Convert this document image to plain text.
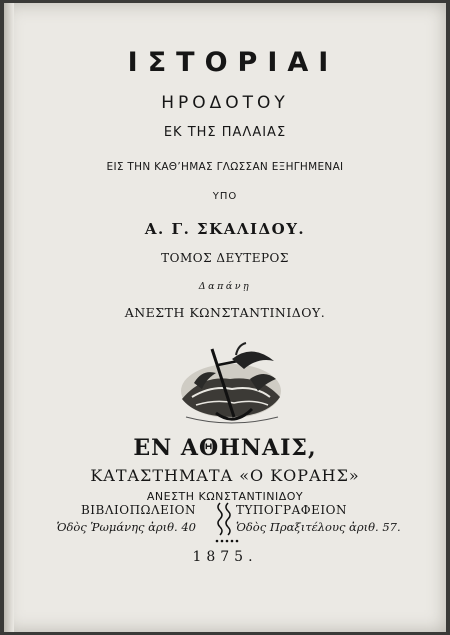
ΙΣΤΟΡΙΑΙ
ΗΡΟΔΟΤΟΥ
ΕΚ ΤΗΣ ΠΑΛΑΙΑΣ
ΕΙΣ ΤΗΝ ΚΑΘ’ΗΜΑΣ ΓΛΩΣΣΑΝ ΕΞΗΓΗΜΕΝΑΙ
ΥΠΟ
Α. Γ. ΣΚΑΛΙΔΟΥ.
ΤΟΜΟΣ ΔΕΥΤΕΡΟΣ
Δαπάνῃ
ΑΝΕΣΤΗ ΚΩΝΣΤΑΝΤΙΝΙΔΟΥ.
ΕΝ ΑΘΗΝΑΙΣ,
ΚΑΤΑΣΤΗΜΑΤΑ «Ο ΚΟΡΑΗΣ»
ΑΝΕΣΤΗ ΚΩΝΣΤΑΝΤΙΝΙΔΟΥ
ΒΙΒΛΙΟΠΩΛΕΙΟΝ	ΤΥΠΟΓΡΑΦΕΙΟΝ
Ὁδὸς Ῥωμάνης ἀριθ. 40	Ὁδὸς Πραξιτέλους ἀριθ. 57.
1875.
